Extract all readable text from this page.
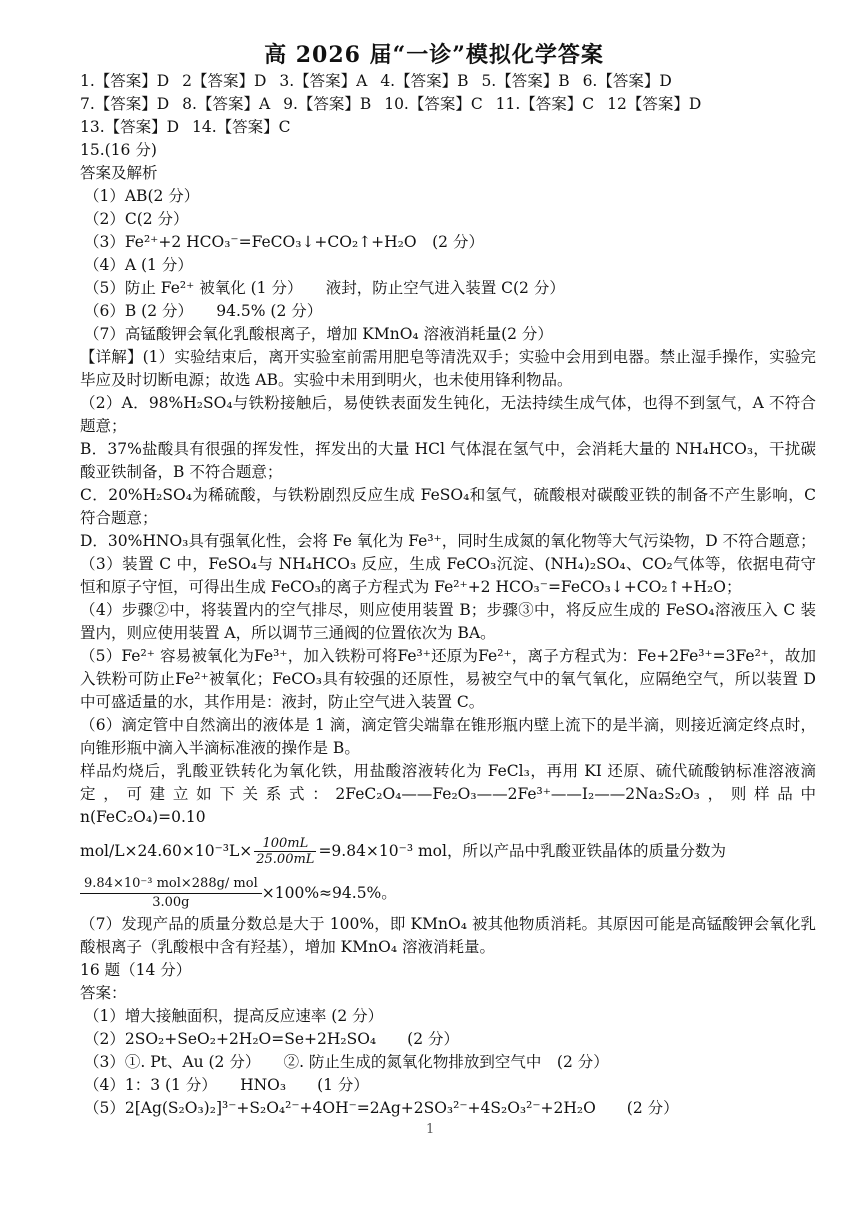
高 2026 届“一诊”模拟化学答案
1.【答案】D 2【答案】D 3.【答案】A 4.【答案】B 5.【答案】B 6.【答案】D
7.【答案】D 8.【答案】A 9.【答案】B 10.【答案】C 11.【答案】C 12【答案】D
13.【答案】D 14.【答案】C
15.(16 分)
答案及解析
（1）AB(2 分）
（2）C(2 分）
（3）Fe²⁺+2 HCO₃⁻=FeCO₃↓+CO₂↑+H₂O　(2 分）
（4）A (1 分）
（5）防止 Fe²⁺ 被氧化 (1 分）　　液封，防止空气进入装置 C(2 分）
（6）B (2 分）　　94.5% (2 分）
（7）高锰酸钾会氧化乳酸根离子，增加 KMnO₄ 溶液消耗量(2 分）
【详解】(1）实验结束后，离开实验室前需用肥皂等清洗双手；实验中会用到电器。禁止湿手操作，实验完毕应及时切断电源；故选 AB。实验中未用到明火，也未使用锋利物品。
（2）A．98%H₂SO₄与铁粉接触后，易使铁表面发生钝化，无法持续生成气体，也得不到氢气，A 不符合题意；
B．37%盐酸具有很强的挥发性，挥发出的大量 HCl 气体混在氢气中，会消耗大量的 NH₄HCO₃，干扰碳酸亚铁制备，B 不符合题意；
C．20%H₂SO₄为稀硫酸，与铁粉剧烈反应生成 FeSO₄和氢气，硫酸根对碳酸亚铁的制备不产生影响，C 符合题意；
D．30%HNO₃具有强氧化性，会将 Fe 氧化为 Fe³⁺，同时生成氮的氧化物等大气污染物，D 不符合题意；
（3）装置 C 中，FeSO₄与 NH₄HCO₃ 反应，生成 FeCO₃沉淀、(NH₄)₂SO₄、CO₂气体等，依据电荷守恒和原子守恒，可得出生成 FeCO₃的离子方程式为 Fe²⁺+2 HCO₃⁻=FeCO₃↓+CO₂↑+H₂O；
（4）步骤②中，将装置内的空气排尽，则应使用装置 B；步骤③中，将反应生成的 FeSO₄溶液压入 C 装置内，则应使用装置 A，所以调节三通阀的位置依次为 BA。
（5）Fe²⁺ 容易被氧化为Fe³⁺，加入铁粉可将Fe³⁺还原为Fe²⁺，离子方程式为：Fe+2Fe³⁺=3Fe²⁺，故加入铁粉可防止Fe²⁺被氧化；FeCO₃具有较强的还原性，易被空气中的氧气氧化，应隔绝空气，所以装置 D 中可盛适量的水，其作用是：液封，防止空气进入装置 C。
（6）滴定管中自然滴出的液体是 1 滴，滴定管尖端靠在锥形瓶内壁上流下的是半滴，则接近滴定终点时，向锥形瓶中滴入半滴标准液的操作是 B。
样品灼烧后，乳酸亚铁转化为氧化铁，用盐酸溶液转化为 FeCl₃，再用 KI 还原、硫代硫酸钠标准溶液滴定，可建立如下关系式：2FeC₂O₄——Fe₂O₃——2Fe³⁺——I₂——2Na₂S₂O₃，则样品中 n(FeC₂O₄)=0.10
$mol/L\times 24.60\times 10^{-3}L\times \frac{100mL}{25.00mL} =9.84\times 10^{-3}$ mol，所以产品中乳酸亚铁晶体的质量分数为
$\frac{\text{9.84×10⁻³ mol×288g/ mol}}{3.00g} \times 100\%\approx 94.5\%$。
（7）发现产品的质量分数总是大于 100%，即 KMnO₄ 被其他物质消耗。其原因可能是高锰酸钾会氧化乳酸根离子（乳酸根中含有羟基），增加 KMnO₄ 溶液消耗量。
16 题（14 分）
答案：
（1）增大接触面积，提高反应速率 (2 分）
（2）2SO₂+SeO₂+2H₂O=Se+2H₂SO₄　　(2 分）
（3）①. Pt、Au (2 分）　　②. 防止生成的氮氧化物排放到空气中　(2 分）
（4）1：3 (1 分）　　HNO₃　　(1 分）
（5）2[Ag(S₂O₃)₂]³⁻+S₂O₄²⁻+4OH⁻=2Ag+2SO₃²⁻+4S₂O₃²⁻+2H₂O　　(2 分）
1
